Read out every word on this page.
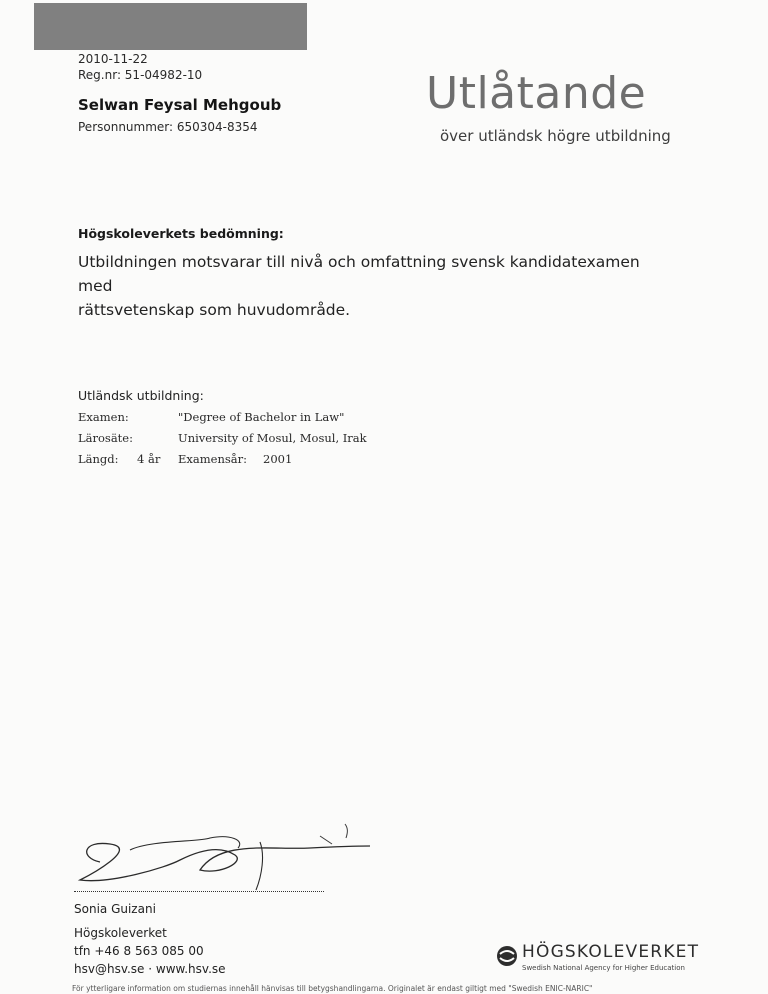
2010-11-22
Reg.nr: 51-04982-10
Selwan Feysal Mehgoub
Personnummer: 650304-8354
Utlåtande
över utländsk högre utbildning
Högskoleverkets bedömning:
Utbildningen motsvarar till nivå och omfattning svensk kandidatexamen med
rättsvetenskap som huvudområde.
Utländsk utbildning:
Examen:	"Degree of Bachelor in Law"
Lärosäte:	University of Mosul, Mosul, Irak
Längd: 4 år Examensår: 2001
Sonia Guizani
Högskoleverket
tfn +46 8 563 085 00
hsv@hsv.se · www.hsv.se
HÖGSKOLEVERKET
Swedish National Agency for Higher Education
För ytterligare information om studiernas innehåll hänvisas till betygshandlingarna. Originalet är endast giltigt med "Swedish ENIC-NARIC"
